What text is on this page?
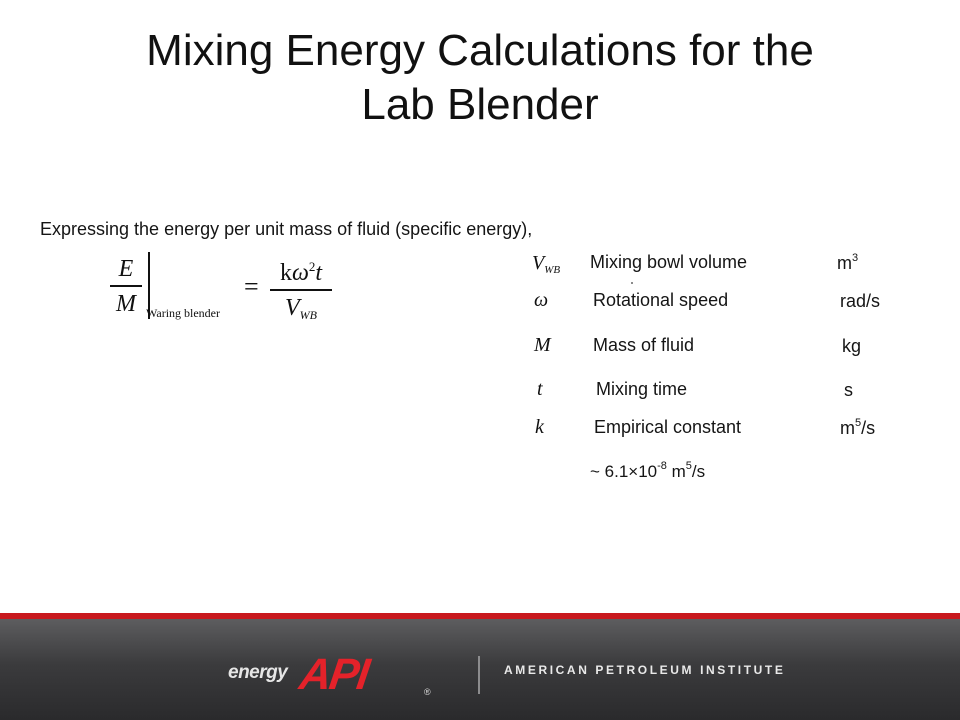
Mixing Energy Calculations for the
Lab Blender
Expressing the energy per unit mass of fluid (specific energy),
E
M Waring blender
= $k\omega^2t$
$V_{WB}$
$V_{WB}$ Mixing bowl volume	$m^3$
ω Rotational speed	rad/s
M Mass of fluid	kg
t	Mixing time	s
k	Empirical constant	$m^5/s$
~ $6.1\times 10^{-8}$ $m^5/s$
energy API	®
AMERICAN PETROLEUM INSTITUTE
